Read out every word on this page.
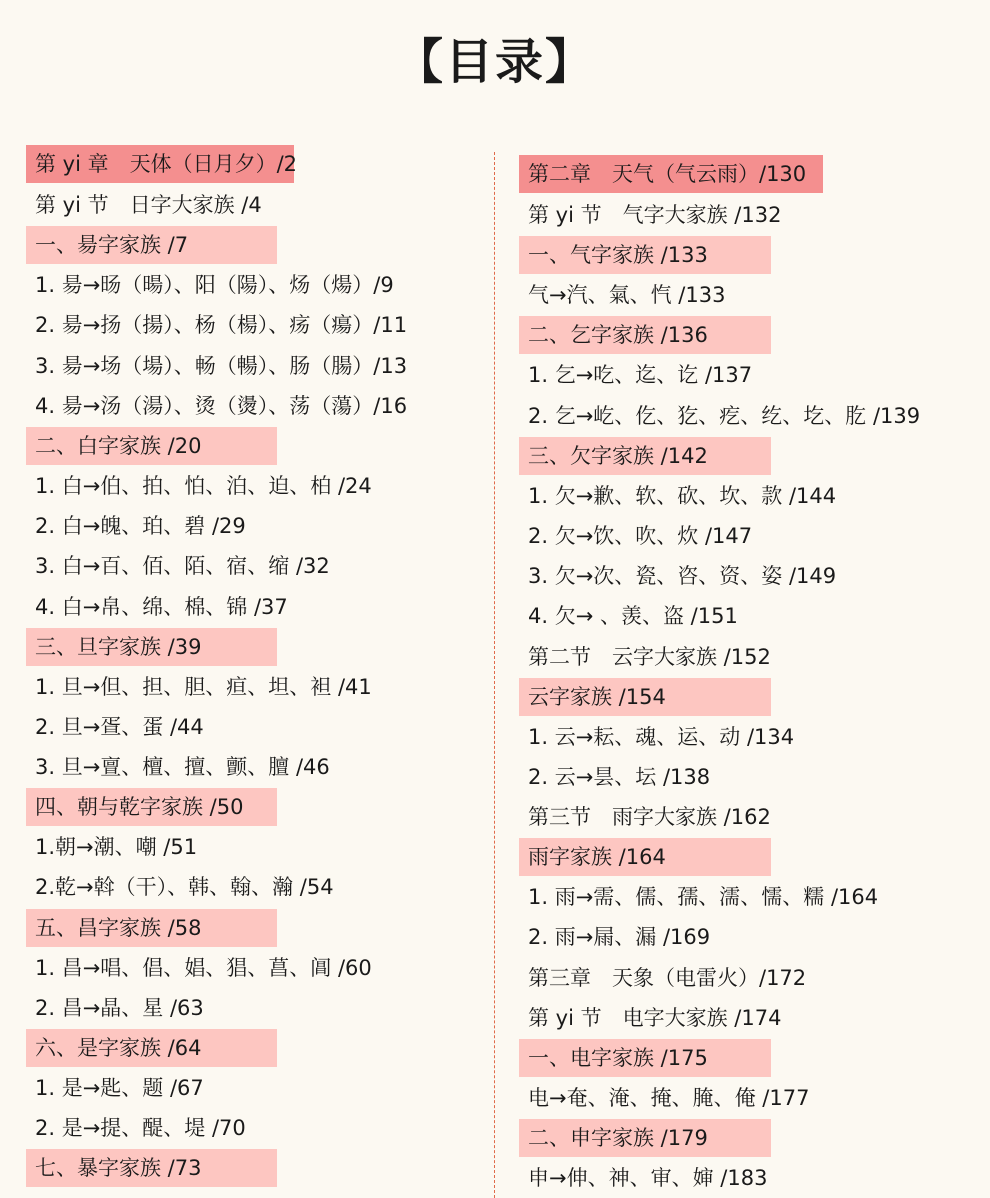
【目录】
第 yi 章　天体（日月夕）/2
第 yi 节　日字大家族 /4
一、昜字家族 /7
1. 昜→旸（暘）、阳（陽）、炀（煬）/9
2. 昜→扬（揚）、杨（楊）、疡（瘍）/11
3. 昜→场（場）、畅（暢）、肠（腸）/13
4. 昜→汤（湯）、烫（燙）、荡（蕩）/16
二、白字家族 /20
1. 白→伯、拍、怕、泊、迫、柏 /24
2. 白→魄、珀、碧 /29
3. 白→百、佰、陌、宿、缩 /32
4. 白→帛、绵、棉、锦 /37
三、旦字家族 /39
1. 旦→但、担、胆、疸、坦、袒 /41
2. 旦→疍、蛋 /44
3. 旦→亶、檀、擅、颤、膻 /46
四、朝与乾字家族 /50
1.朝→潮、嘲 /51
2.乾→斡（干）、韩、翰、瀚 /54
五、昌字家族 /58
1. 昌→唱、倡、娼、猖、菖、阊 /60
2. 昌→晶、星 /63
六、是字家族 /64
1. 是→匙、题 /67
2. 是→提、醍、堤 /70
七、暴字家族 /73
第二章　天气（气云雨）/130
第 yi 节　气字大家族 /132
一、气字家族 /133
气→汽、氣、忾 /133
二、乞字家族 /136
1. 乞→吃、迄、讫 /137
2. 乞→屹、仡、犵、疙、纥、圪、肐 /139
三、欠字家族 /142
1. 欠→歉、软、砍、坎、款 /144
2. 欠→饮、吹、炊 /147
3. 欠→次、瓷、咨、资、姿 /149
4. 欠→ 、羡、盗 /151
第二节　云字大家族 /152
云字家族 /154
1. 云→耘、魂、运、动 /134
2. 云→昙、坛 /138
第三节　雨字大家族 /162
雨字家族 /164
1. 雨→需、儒、孺、濡、懦、糯 /164
2. 雨→屚、漏 /169
第三章　天象（电雷火）/172
第 yi 节　电字大家族 /174
一、电字家族 /175
电→奄、淹、掩、腌、俺 /177
二、申字家族 /179
申→伸、神、审、婶 /183
